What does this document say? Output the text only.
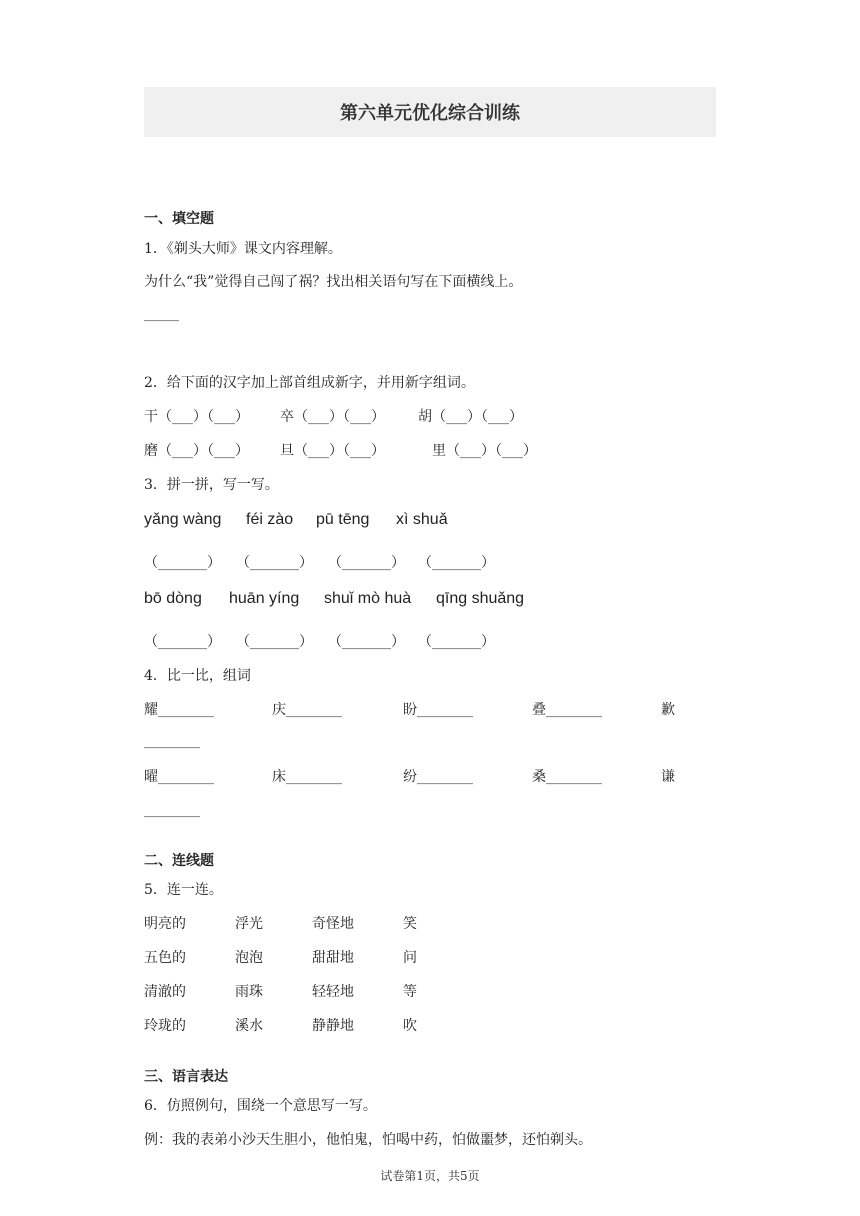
第六单元优化综合训练
一、填空题
1．《剃头大师》课文内容理解。
为什么“我”觉得自己闯了祸？找出相关语句写在下面横线上。
_____
2．给下面的汉字加上部首组成新字，并用新字组词。
干（___）（___） 卒（___）（___） 胡（___）（___）
磨（___）（___） 旦（___）（___）	里（___）（___）
3．拼一拼，写一写。
yǎng wàng féi zào pū tēng xì shuǎ
（_______） （_______） （_______） （_______）
bō dòng huān yíng shuǐ mò huà qīng shuǎng
（_______） （_______） （_______） （_______）
4．比一比，组词
耀________	庆________	盼________	叠________	歉
________
曜________	床________	纷________	桑________	谦
________
二、连线题
5．连一连。
明亮的	浮光	奇怪地	笑
五色的	泡泡	甜甜地	问
清澈的	雨珠	轻轻地	等
玲珑的	溪水	静静地	吹
三、语言表达
6．仿照例句，围绕一个意思写一写。
例：我的表弟小沙天生胆小，他怕鬼，怕喝中药，怕做噩梦，还怕剃头。
试卷第1页，共5页
